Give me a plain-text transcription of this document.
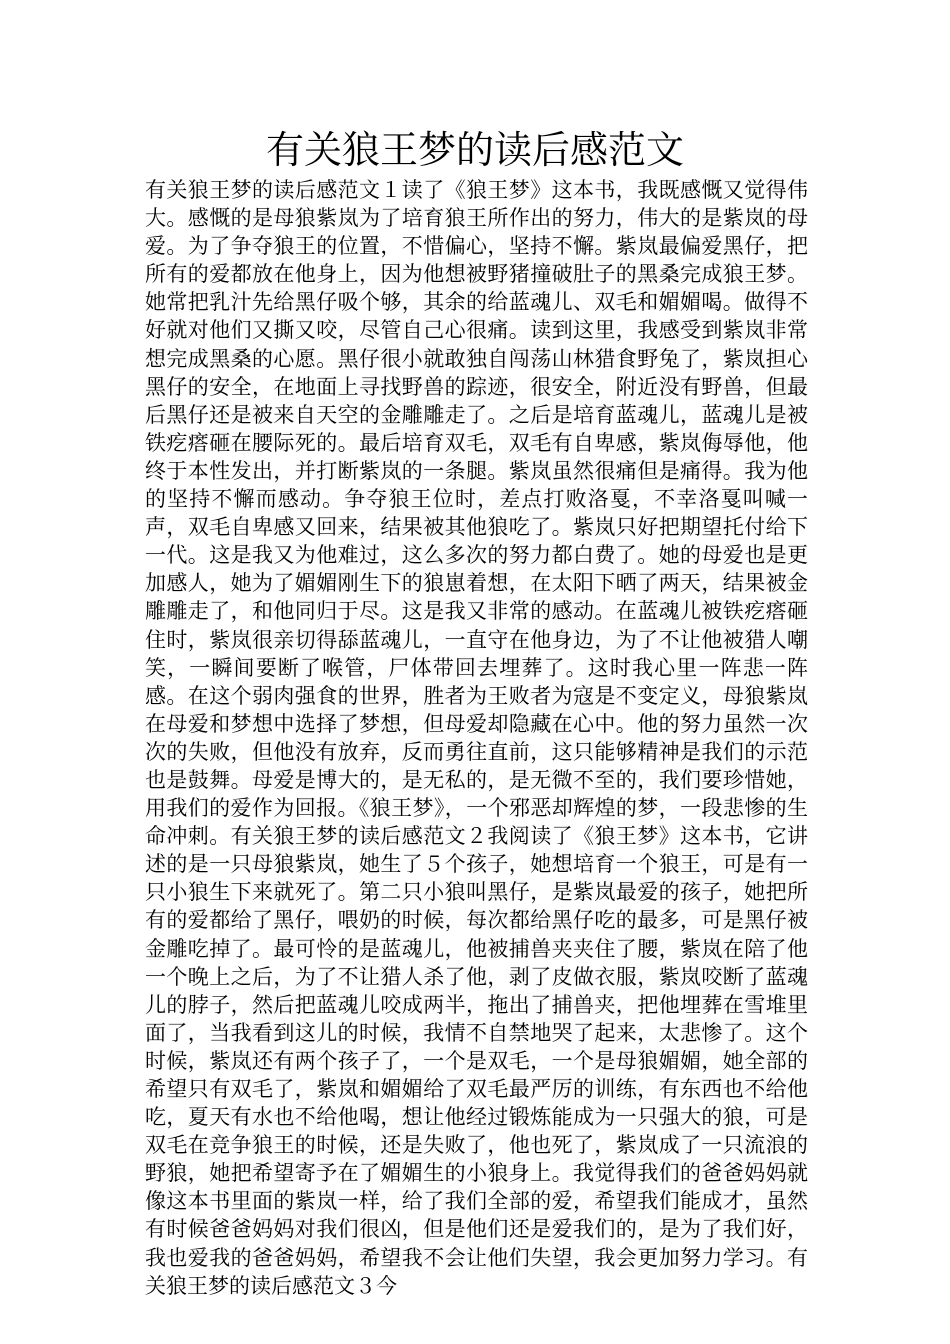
有关狼王梦的读后感范文

有关狼王梦的读后感范文１读了《狼王梦》这本书，我既感慨又觉得伟大。感慨的是母狼紫岚为了培育狼王所作出的努力，伟大的是紫岚的母爱。为了争夺狼王的位置，不惜偏心，坚持不懈。紫岚最偏爱黑仔，把所有的爱都放在他身上，因为他想被野猪撞破肚子的黑桑完成狼王梦。她常把乳汁先给黑仔吸个够，其余的给蓝魂儿、双毛和媚媚喝。做得不好就对他们又撕又咬，尽管自己心很痛。读到这里，我感受到紫岚非常想完成黑桑的心愿。黑仔很小就敢独自闯荡山林猎食野兔了，紫岚担心黑仔的安全，在地面上寻找野兽的踪迹，很安全，附近没有野兽，但最后黑仔还是被来自天空的金雕雕走了。之后是培育蓝魂儿，蓝魂儿是被铁疙瘩砸在腰际死的。最后培育双毛，双毛有自卑感，紫岚侮辱他，他终于本性发出，并打断紫岚的一条腿。紫岚虽然很痛但是痛得。我为他的坚持不懈而感动。争夺狼王位时，差点打败洛戛，不幸洛戛叫喊一声，双毛自卑感又回来，结果被其他狼吃了。紫岚只好把期望托付给下一代。这是我又为他难过，这么多次的努力都白费了。她的母爱也是更加感人，她为了媚媚刚生下的狼崽着想，在太阳下晒了两天，结果被金雕雕走了，和他同归于尽。这是我又非常的感动。在蓝魂儿被铁疙瘩砸住时，紫岚很亲切得舔蓝魂儿，一直守在他身边，为了不让他被猎人嘲笑，一瞬间要断了喉管，尸体带回去埋葬了。这时我心里一阵悲一阵感。在这个弱肉强食的世界，胜者为王败者为寇是不变定义，母狼紫岚在母爱和梦想中选择了梦想，但母爱却隐藏在心中。他的努力虽然一次次的失败，但他没有放弃，反而勇往直前，这只能够精神是我们的示范也是鼓舞。母爱是博大的，是无私的，是无微不至的，我们要珍惜她，用我们的爱作为回报。《狼王梦》，一个邪恶却辉煌的梦，一段悲惨的生命冲刺。有关狼王梦的读后感范文２我阅读了《狼王梦》这本书，它讲述的是一只母狼紫岚，她生了５个孩子，她想培育一个狼王，可是有一只小狼生下来就死了。第二只小狼叫黑仔，是紫岚最爱的孩子，她把所有的爱都给了黑仔，喂奶的时候，每次都给黑仔吃的最多，可是黑仔被金雕吃掉了。最可怜的是蓝魂儿，他被捕兽夹夹住了腰，紫岚在陪了他一个晚上之后，为了不让猎人杀了他，剥了皮做衣服，紫岚咬断了蓝魂儿的脖子，然后把蓝魂儿咬成两半，拖出了捕兽夹，把他埋葬在雪堆里面了，当我看到这儿的时候，我情不自禁地哭了起来，太悲惨了。这个时候，紫岚还有两个孩子了，一个是双毛，一个是母狼媚媚，她全部的希望只有双毛了，紫岚和媚媚给了双毛最严厉的训练，有东西也不给他吃，夏天有水也不给他喝，想让他经过锻炼能成为一只强大的狼，可是双毛在竞争狼王的时候，还是失败了，他也死了，紫岚成了一只流浪的野狼，她把希望寄予在了媚媚生的小狼身上。我觉得我们的爸爸妈妈就像这本书里面的紫岚一样，给了我们全部的爱，希望我们能成才，虽然有时候爸爸妈妈对我们很凶，但是他们还是爱我们的，是为了我们好，我也爱我的爸爸妈妈，希望我不会让他们失望，我会更加努力学习。有关狼王梦的读后感范文３今
